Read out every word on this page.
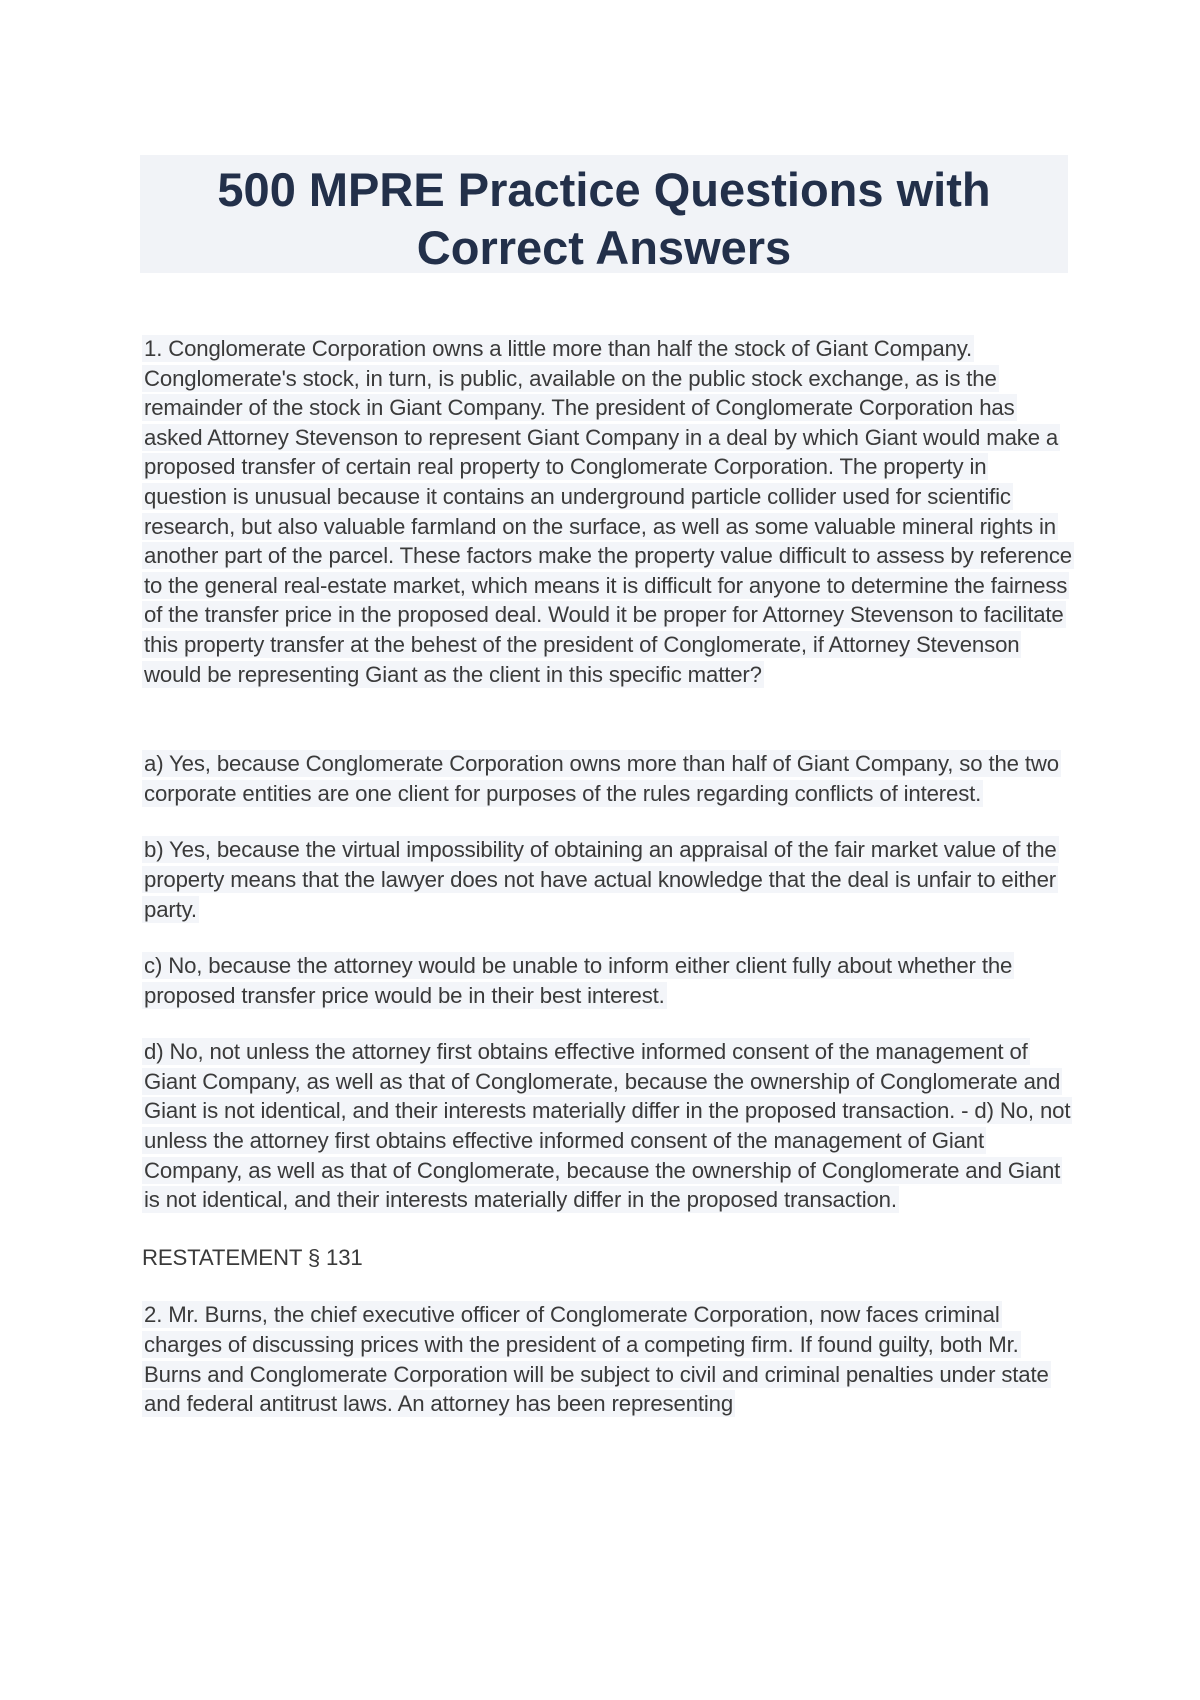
500 MPRE Practice Questions with Correct Answers

1. Conglomerate Corporation owns a little more than half the stock of Giant Company. Conglomerate's stock, in turn, is public, available on the public stock exchange, as is the remainder of the stock in Giant Company. The president of Conglomerate Corporation has asked Attorney Stevenson to represent Giant Company in a deal by which Giant would make a proposed transfer of certain real property to Conglomerate Corporation. The property in question is unusual because it contains an underground particle collider used for scientific research, but also valuable farmland on the surface, as well as some valuable mineral rights in another part of the parcel. These factors make the property value difficult to assess by reference to the general real-estate market, which means it is difficult for anyone to determine the fairness of the transfer price in the proposed deal. Would it be proper for Attorney Stevenson to facilitate this property transfer at the behest of the president of Conglomerate, if Attorney Stevenson would be representing Giant as the client in this specific matter?

a) Yes, because Conglomerate Corporation owns more than half of Giant Company, so the two corporate entities are one client for purposes of the rules regarding conflicts of interest.

b) Yes, because the virtual impossibility of obtaining an appraisal of the fair market value of the property means that the lawyer does not have actual knowledge that the deal is unfair to either party.

c) No, because the attorney would be unable to inform either client fully about whether the proposed transfer price would be in their best interest.

d) No, not unless the attorney first obtains effective informed consent of the management of Giant Company, as well as that of Conglomerate, because the ownership of Conglomerate and Giant is not identical, and their interests materially differ in the proposed transaction. - d) No, not unless the attorney first obtains effective informed consent of the management of Giant Company, as well as that of Conglomerate, because the ownership of Conglomerate and Giant is not identical, and their interests materially differ in the proposed transaction.

RESTATEMENT § 131

2. Mr. Burns, the chief executive officer of Conglomerate Corporation, now faces criminal charges of discussing prices with the president of a competing firm. If found guilty, both Mr. Burns and Conglomerate Corporation will be subject to civil and criminal penalties under state and federal antitrust laws. An attorney has been representing
